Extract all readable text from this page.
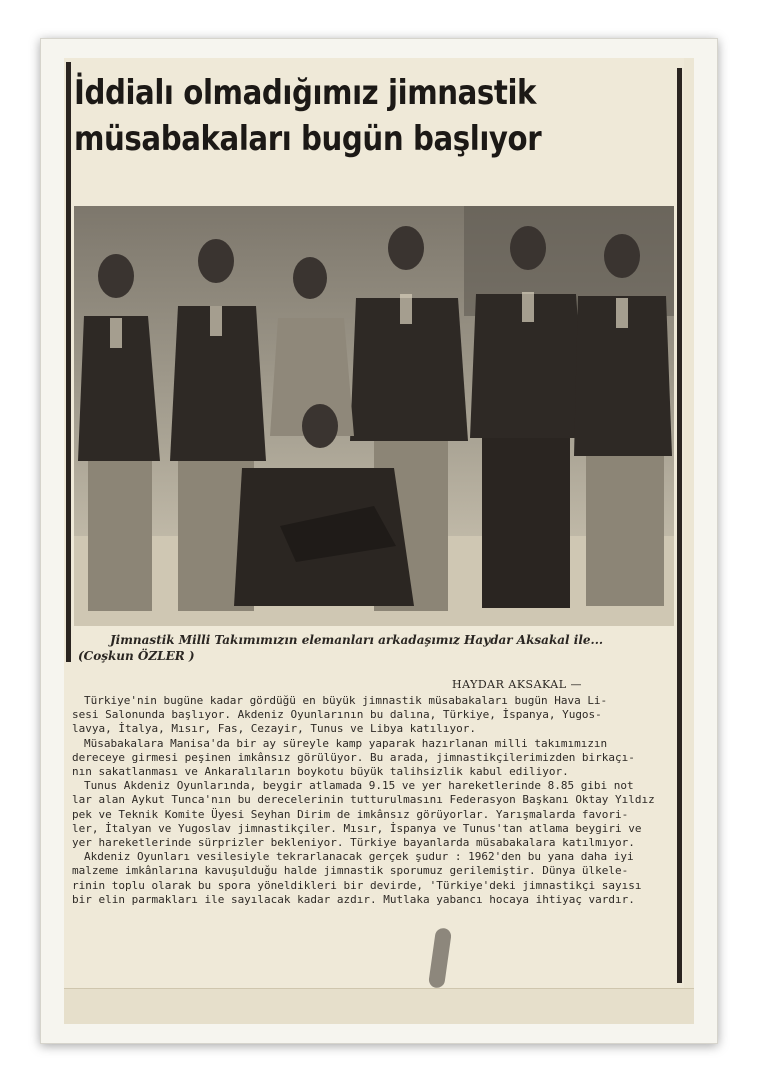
İddialı olmadığımız jimnastik
müsabakaları bugün başlıyor
Jimnastik Milli Takımımızın elemanları arkadaşımız Haydar Aksakal ile...
(Coşkun ÖZLER )
HAYDAR AKSAKAL —

Türkiye'nin bugüne kadar gördüğü en büyük jimnastik müsabakaları bugün Hava Li-

sesi Salonunda başlıyor. Akdeniz Oyunlarının bu dalına, Türkiye, İspanya, Yugos-

lavya, İtalya, Mısır, Fas, Cezayir, Tunus ve Libya katılıyor.

Müsabakalara Manisa'da bir ay süreyle kamp yaparak hazırlanan milli takımımızın

dereceye girmesi peşinen imkânsız görülüyor. Bu arada, jimnastikçilerimizden birkaçı-

nın sakatlanması ve Ankaralıların boykotu büyük talihsizlik kabul ediliyor.

Tunus Akdeniz Oyunlarında, beygir atlamada 9.15 ve yer hareketlerinde 8.85 gibi not

lar alan Aykut Tunca'nın bu derecelerinin tutturulmasını Federasyon Başkanı Oktay Yıldız

pek ve Teknik Komite Üyesi Seyhan Dirim de imkânsız görüyorlar. Yarışmalarda favori-

ler, İtalyan ve Yugoslav jimnastikçiler. Mısır, İspanya ve Tunus'tan atlama beygiri ve

yer hareketlerinde sürprizler bekleniyor. Türkiye bayanlarda müsabakalara katılmıyor.

Akdeniz Oyunları vesilesiyle tekrarlanacak gerçek şudur : 1962'den bu yana daha iyi

malzeme imkânlarına kavuşulduğu halde jimnastik sporumuz gerilemiştir. Dünya ülkele-

rinin toplu olarak bu spora yöneldikleri bir devirde, 'Türkiye'deki jimnastikçi sayısı

bir elin parmakları ile sayılacak kadar azdır. Mutlaka yabancı hocaya ihtiyaç vardır.
